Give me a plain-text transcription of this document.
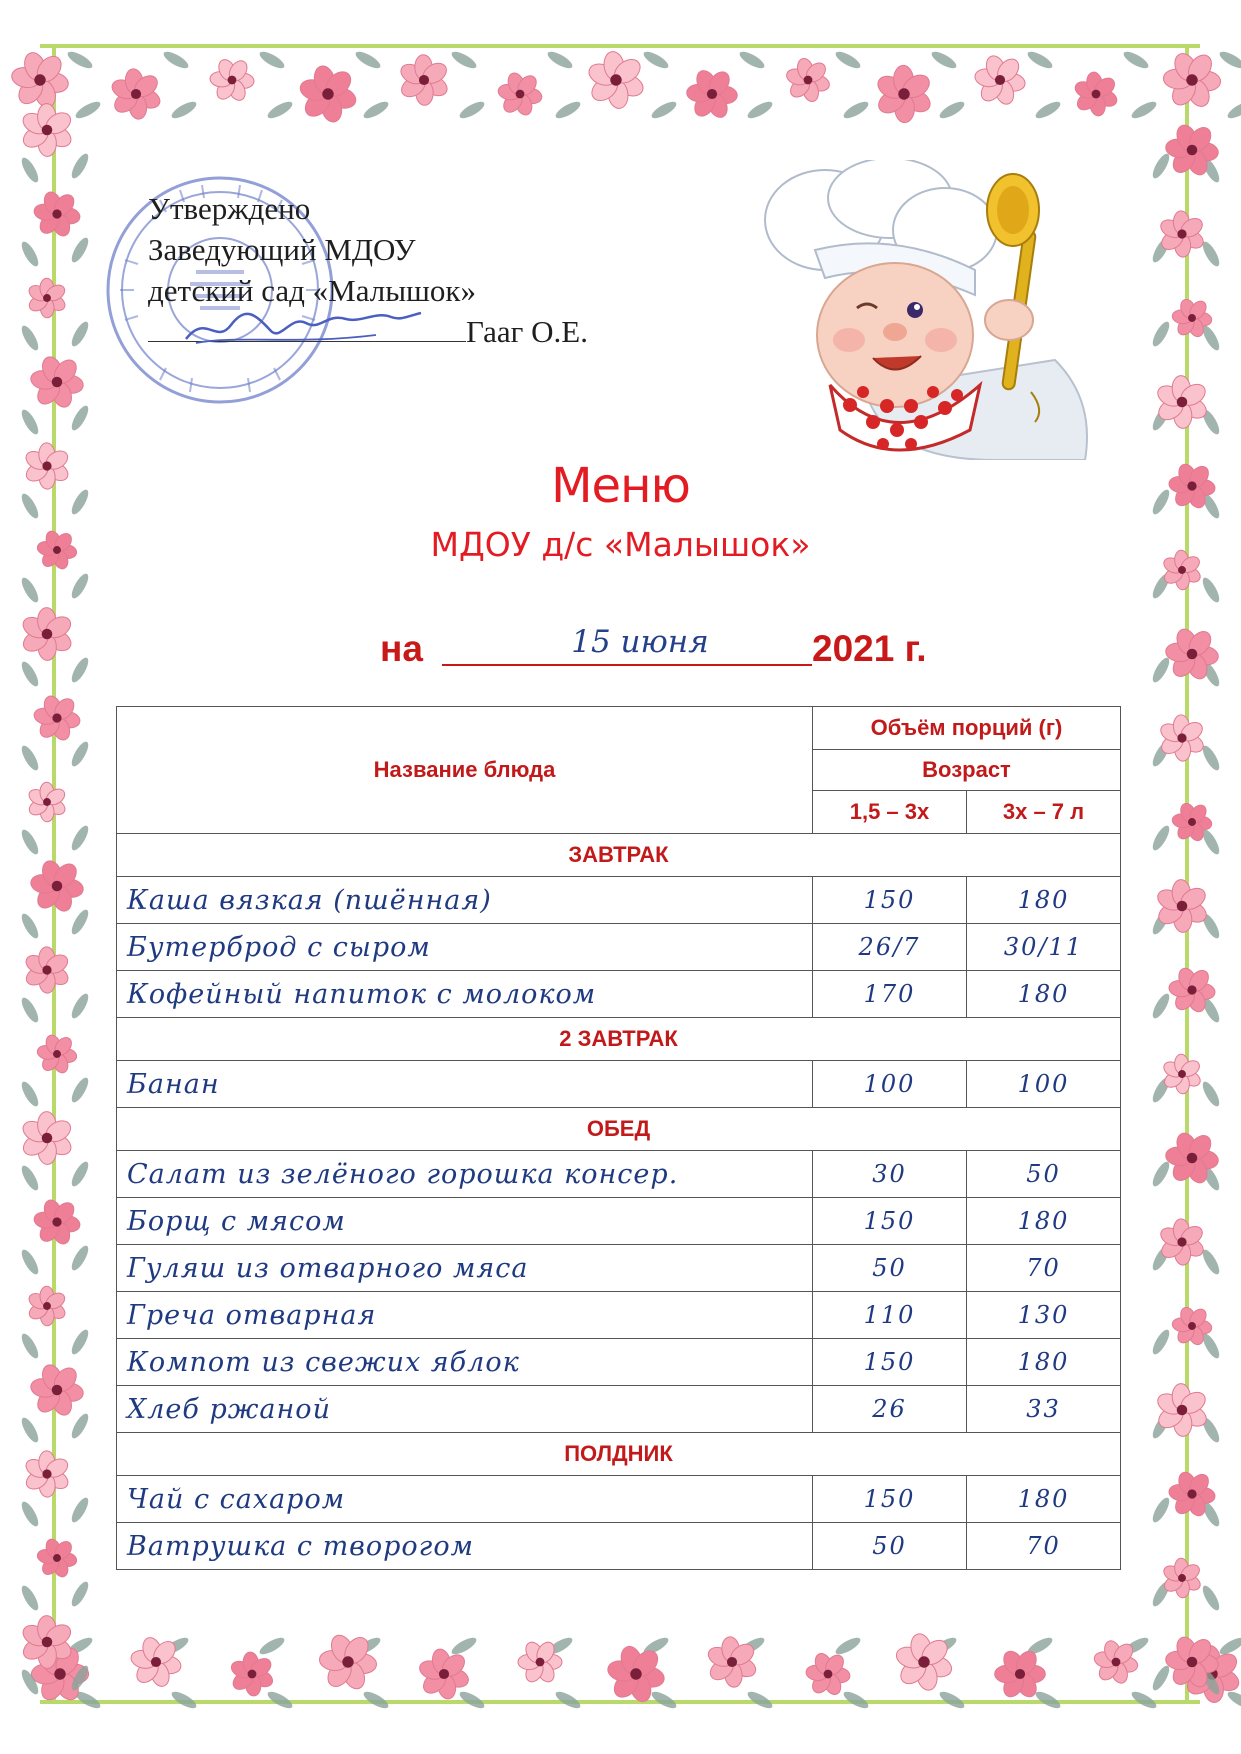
Утверждено
Заведующий МДОУ
детский сад «Малышок»
Гааг О.Е.
Меню
МДОУ д/с «Малышок»
на	15 июня	2021 г.
Название блюда	Объём порций (г)	
	Возраст	
	1,5 – 3х	3х – 7 л
ЗАВТРАК		
Каша вязкая (пшённая)	150	180
Бутерброд с сыром	26/7	30/11
Кофейный напиток с молоком	170	180
2 ЗАВТРАК		
Банан	100	100
ОБЕД		
Салат из зелёного горошка консер.	30	50
Борщ с мясом	150	180
Гуляш из отварного мяса	50	70
Греча отварная	110	130
Компот из свежих яблок	150	180
Хлеб ржаной	26	33
ПОЛДНИК		
Чай с сахаром	150	180
Ватрушка с творогом	50	70
